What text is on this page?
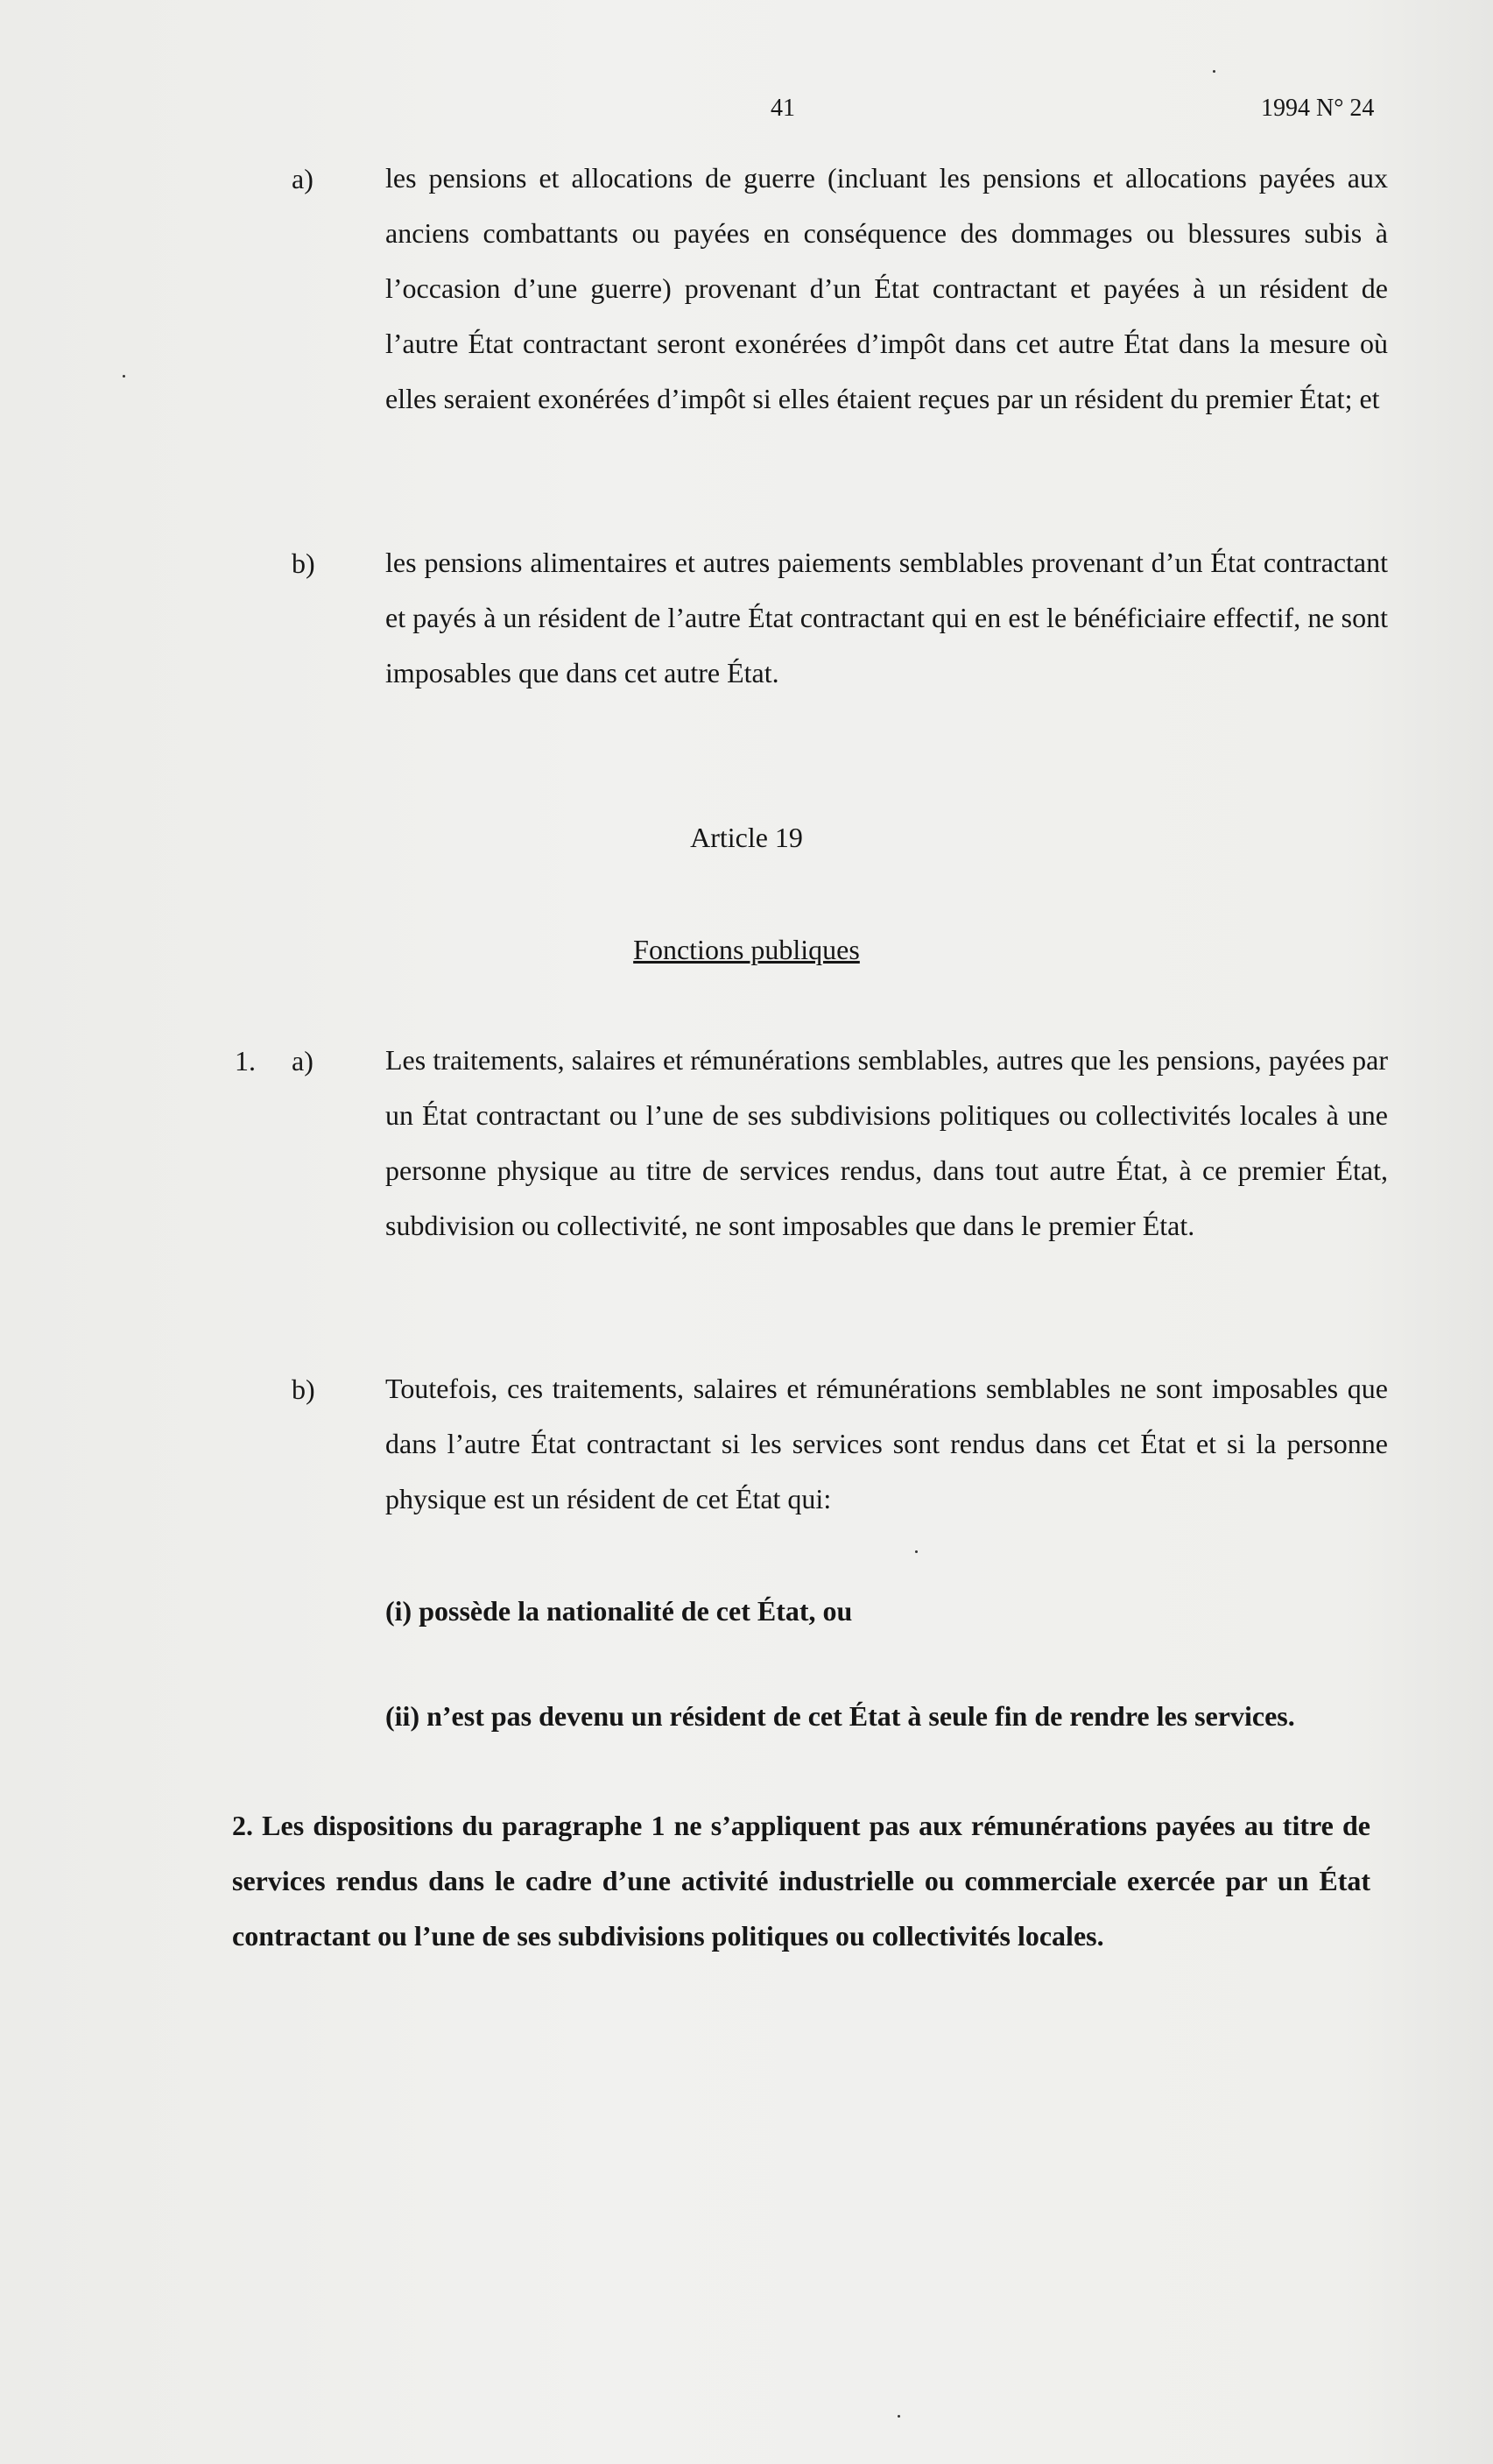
41	1994 N° 24
a)	les pensions et allocations de guerre (incluant les pensions et allocations payées aux anciens combattants ou payées en conséquence des dommages ou blessures subis à l’occasion d’une guerre) provenant d’un État contractant et payées à un résident de l’autre État contractant seront exonérées d’impôt dans cet autre État dans la mesure où elles seraient exonérées d’impôt si elles étaient reçues par un résident du premier État; et
b)	les pensions alimentaires et autres paiements semblables provenant d’un État contractant et payés à un résident de l’autre État contractant qui en est le bénéficiaire effectif, ne sont imposables que dans cet autre État.
Article 19
Fonctions publiques
1. a)	Les traitements, salaires et rémunérations semblables, autres que les pensions, payées par un État contractant ou l’une de ses subdivisions politiques ou collectivités locales à une personne physique au titre de services rendus, dans tout autre État, à ce premier État, subdivision ou collectivité, ne sont imposables que dans le premier État.
b)	Toutefois, ces traitements, salaires et rémunérations semblables ne sont imposables que dans l’autre État contractant si les services sont rendus dans cet État et si la personne physique est un résident de cet État qui:
(i) possède la nationalité de cet État, ou
(ii) n’est pas devenu un résident de cet État à seule fin de rendre les services.
2. Les dispositions du paragraphe 1 ne s’appliquent pas aux rémunérations payées au titre de services rendus dans le cadre d’une activité industrielle ou commerciale exercée par un État contractant ou l’une de ses subdivisions politiques ou collectivités locales.
